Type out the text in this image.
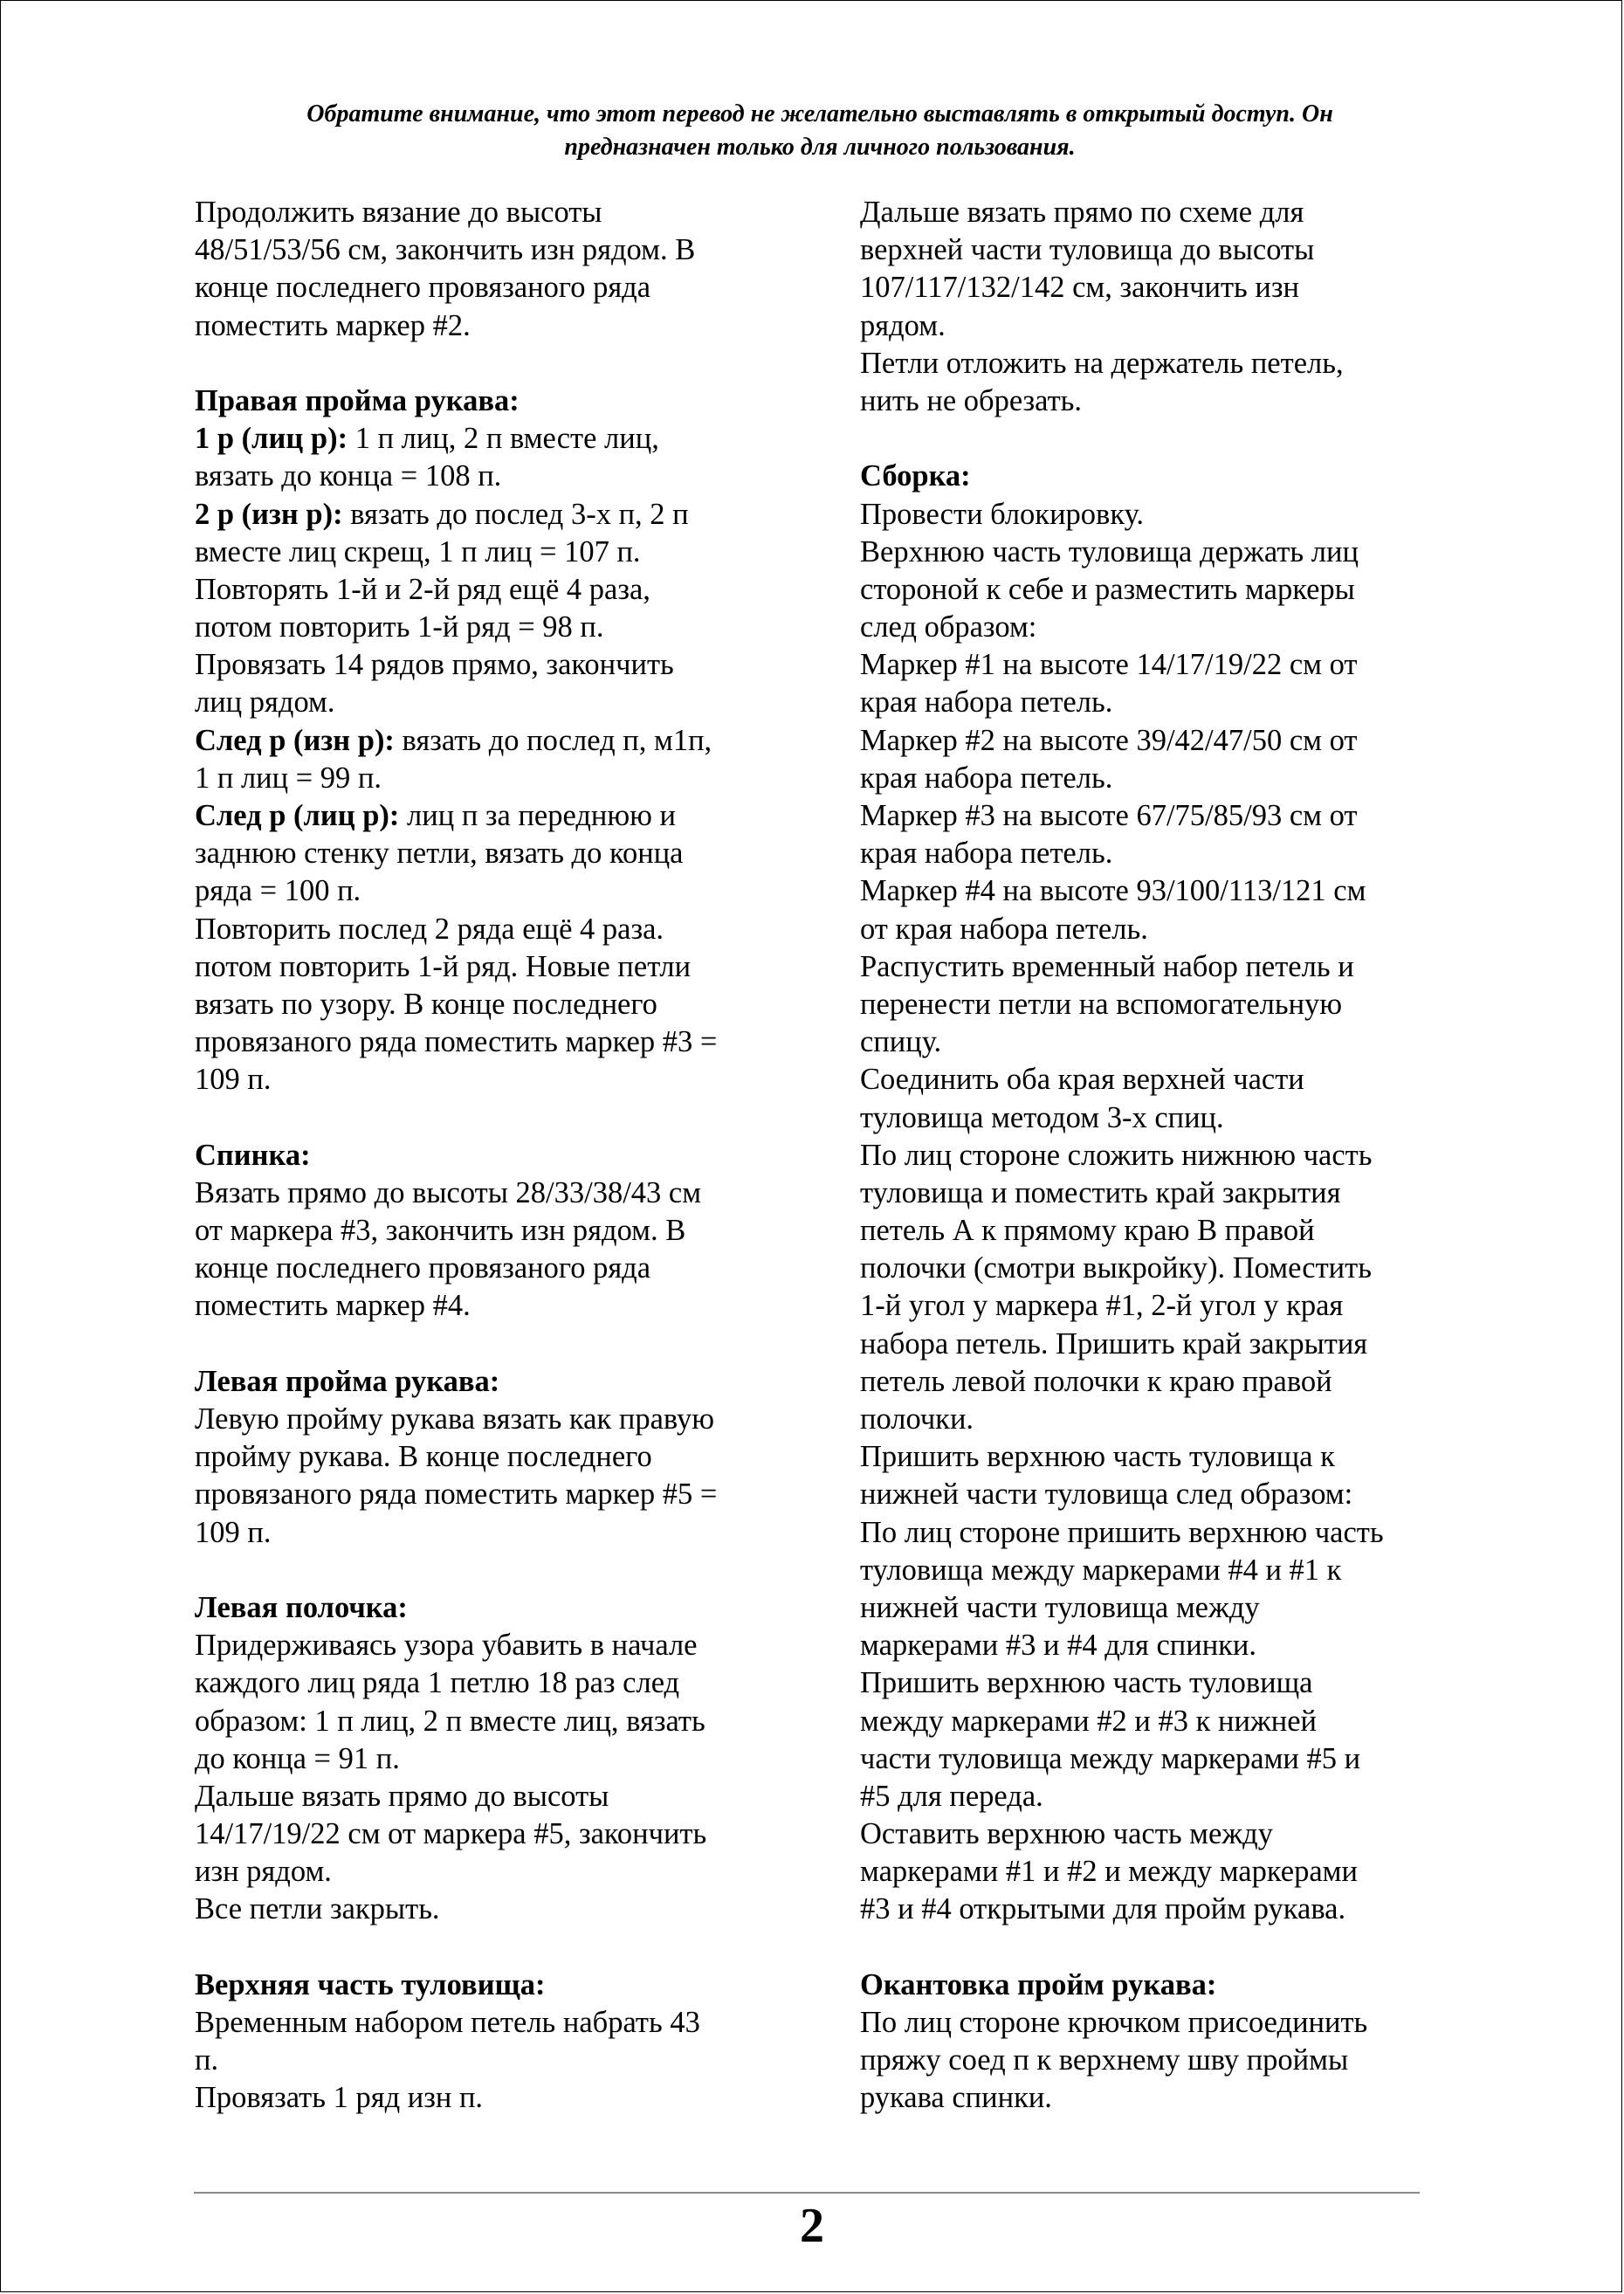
Обратите внимание, что этот перевод не желательно выставлять в открытый доступ. Он
предназначен только для личного пользования.
Продолжить вязание до высоты
48/51/53/56 см, закончить изн рядом. В
конце последнего провязаного ряда
поместить маркер #2.
Правая пройма рукава:
1 р (лиц р): 1 п лиц, 2 п вместе лиц,
вязать до конца = 108 п.
2 р (изн р): вязать до послед 3-х п, 2 п
вместе лиц скрещ, 1 п лиц = 107 п.
Повторять 1-й и 2-й ряд ещё 4 раза,
потом повторить 1-й ряд = 98 п.
Провязать 14 рядов прямо, закончить
лиц рядом.
След р (изн р): вязать до послед п, м1п,
1 п лиц = 99 п.
След р (лиц р): лиц п за переднюю и
заднюю стенку петли, вязать до конца
ряда = 100 п.
Повторить послед 2 ряда ещё 4 раза.
потом повторить 1-й ряд. Новые петли
вязать по узору. В конце последнего
провязаного ряда поместить маркер #3 =
109 п.
Спинка:
Вязать прямо до высоты 28/33/38/43 см
от маркера #3, закончить изн рядом. В
конце последнего провязаного ряда
поместить маркер #4.
Левая пройма рукава:
Левую пройму рукава вязать как правую
пройму рукава. В конце последнего
провязаного ряда поместить маркер #5 =
109 п.
Левая полочка:
Придерживаясь узора убавить в начале
каждого лиц ряда 1 петлю 18 раз след
образом: 1 п лиц, 2 п вместе лиц, вязать
до конца = 91 п.
Дальше вязать прямо до высоты
14/17/19/22 см от маркера #5, закончить
изн рядом.
Все петли закрыть.
Верхняя часть туловища:
Временным набором петель набрать 43
п.
Провязать 1 ряд изн п.
Дальше вязать прямо по схеме для
верхней части туловища до высоты
107/117/132/142 см, закончить изн
рядом.
Петли отложить на держатель петель,
нить не обрезать.
Сборка:
Провести блокировку.
Верхнюю часть туловища держать лиц
стороной к себе и разместить маркеры
след образом:
Маркер #1 на высоте 14/17/19/22 см от
края набора петель.
Маркер #2 на высоте 39/42/47/50 см от
края набора петель.
Маркер #3 на высоте 67/75/85/93 см от
края набора петель.
Маркер #4 на высоте 93/100/113/121 см
от края набора петель.
Распустить временный набор петель и
перенести петли на вспомогательную
спицу.
Соединить оба края верхней части
туловища методом 3-х спиц.
По лиц стороне сложить нижнюю часть
туловища и поместить край закрытия
петель А к прямому краю В правой
полочки (смотри выкройку). Поместить
1-й угол у маркера #1, 2-й угол у края
набора петель. Пришить край закрытия
петель левой полочки к краю правой
полочки.
Пришить верхнюю часть туловища к
нижней части туловища след образом:
По лиц стороне пришить верхнюю часть
туловища между маркерами #4 и #1 к
нижней части туловища между
маркерами #3 и #4 для спинки.
Пришить верхнюю часть туловища
между маркерами #2 и #3 к нижней
части туловища между маркерами #5 и
#5 для переда.
Оставить верхнюю часть между
маркерами #1 и #2 и между маркерами
#3 и #4 открытыми для пройм рукава.
Окантовка пройм рукава:
По лиц стороне крючком присоединить
пряжу соед п к верхнему шву проймы
рукава спинки.
2
